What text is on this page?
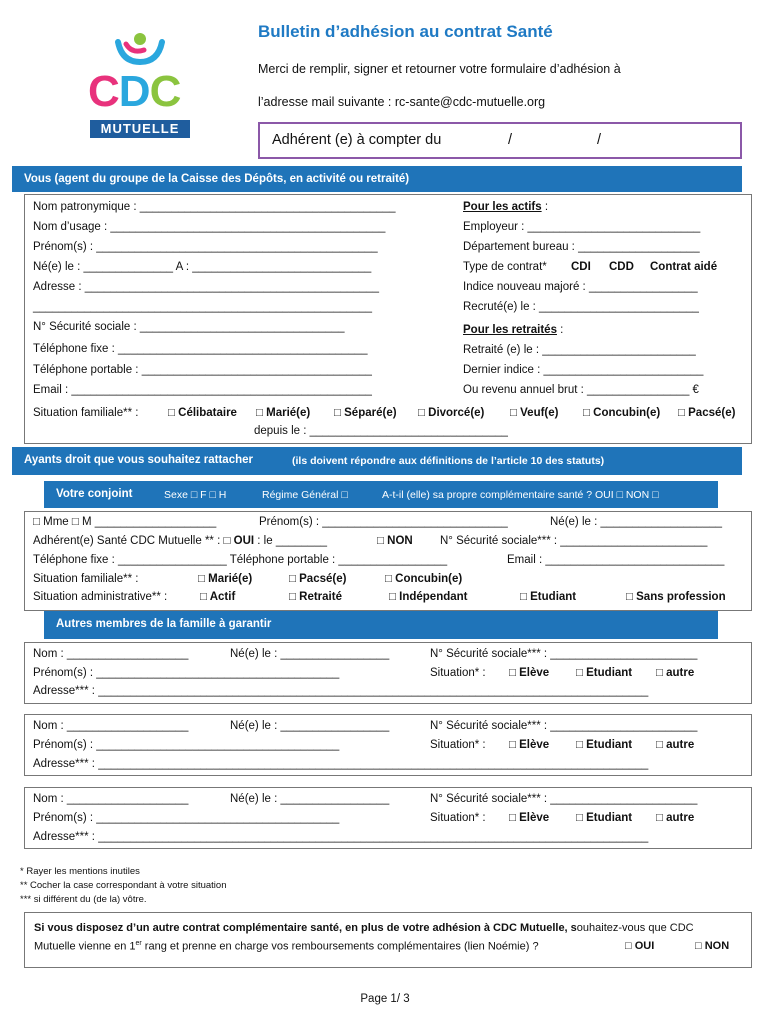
CDC
MUTUELLE
Bulletin d’adhésion au contrat Santé
Merci de remplir, signer et retourner votre formulaire d’adhésion à
l’adresse mail suivante : rc-sante@cdc-mutuelle.org
Adhérent (e) à compter du	/	/
Vous (agent du groupe de la Caisse des Dépôts, en activité ou retraité)
Nom patronymique : ________________________________________
Nom d’usage : ___________________________________________
Prénom(s) : ____________________________________________
Né(e) le : ______________ A : ____________________________
Adresse : ______________________________________________
_____________________________________________________
N° Sécurité sociale : ________________________________
Téléphone fixe : _______________________________________
Téléphone portable : ____________________________________
Email : _______________________________________________
Pour les actifs :
Employeur : ___________________________
Département bureau : ___________________
Type de contrat* CDI CDD Contrat aidé
Indice nouveau majoré : _________________
Recruté(e) le : _________________________
Pour les retraités :
Retraité (e) le : ________________________
Dernier indice : _________________________
Ou revenu annuel brut : ________________ €
Situation familiale** :	□ Célibataire □ Marié(e) □ Séparé(e) □ Divorcé(e) □ Veuf(e) □ Concubin(e) □ Pacsé(e)
depuis le : _______________________________
Ayants droit que vous souhaitez rattacher	(ils doivent répondre aux définitions de l’article 10 des statuts)
Votre conjoint	Sexe □ F □ H	Régime Général □	A-t-il (elle) sa propre complémentaire santé ? OUI □ NON □
□ Mme □ M ___________________	Prénom(s) : _____________________________	Né(e) le : ___________________
Adhérent(e) Santé CDC Mutuelle ** : □ OUI : le ________	□ NON N° Sécurité sociale*** : _______________________
Téléphone fixe : _________________ Téléphone portable : _________________	Email : ____________________________
Situation familiale** :	□ Marié(e)	□ Pacsé(e)	□ Concubin(e)
Situation administrative** :	□ Actif	□ Retraité	□ Indépendant	□ Etudiant	□ Sans profession
Autres membres de la famille à garantir
Nom : ___________________	Né(e) le : _________________	N° Sécurité sociale*** : _______________________
Prénom(s) : ______________________________________	Situation* : □ Elève □ Etudiant □ autre
Adresse*** : ______________________________________________________________________________________
Nom : ___________________	Né(e) le : _________________	N° Sécurité sociale*** : _______________________
Prénom(s) : ______________________________________	Situation* : □ Elève □ Etudiant □ autre
Adresse*** : ______________________________________________________________________________________
Nom : ___________________	Né(e) le : _________________	N° Sécurité sociale*** : _______________________
Prénom(s) : ______________________________________	Situation* : □ Elève □ Etudiant □ autre
Adresse*** : ______________________________________________________________________________________
* Rayer les mentions inutiles
** Cocher la case correspondant à votre situation
*** si différent du (de la) vôtre.
Si vous disposez d’un autre contrat complémentaire santé, en plus de votre adhésion à CDC Mutuelle, souhaitez-vous que CDC
Mutuelle vienne en 1er rang et prenne en charge vos remboursements complémentaires (lien Noémie) ?	□ OUI	□ NON
Page 1/ 3
